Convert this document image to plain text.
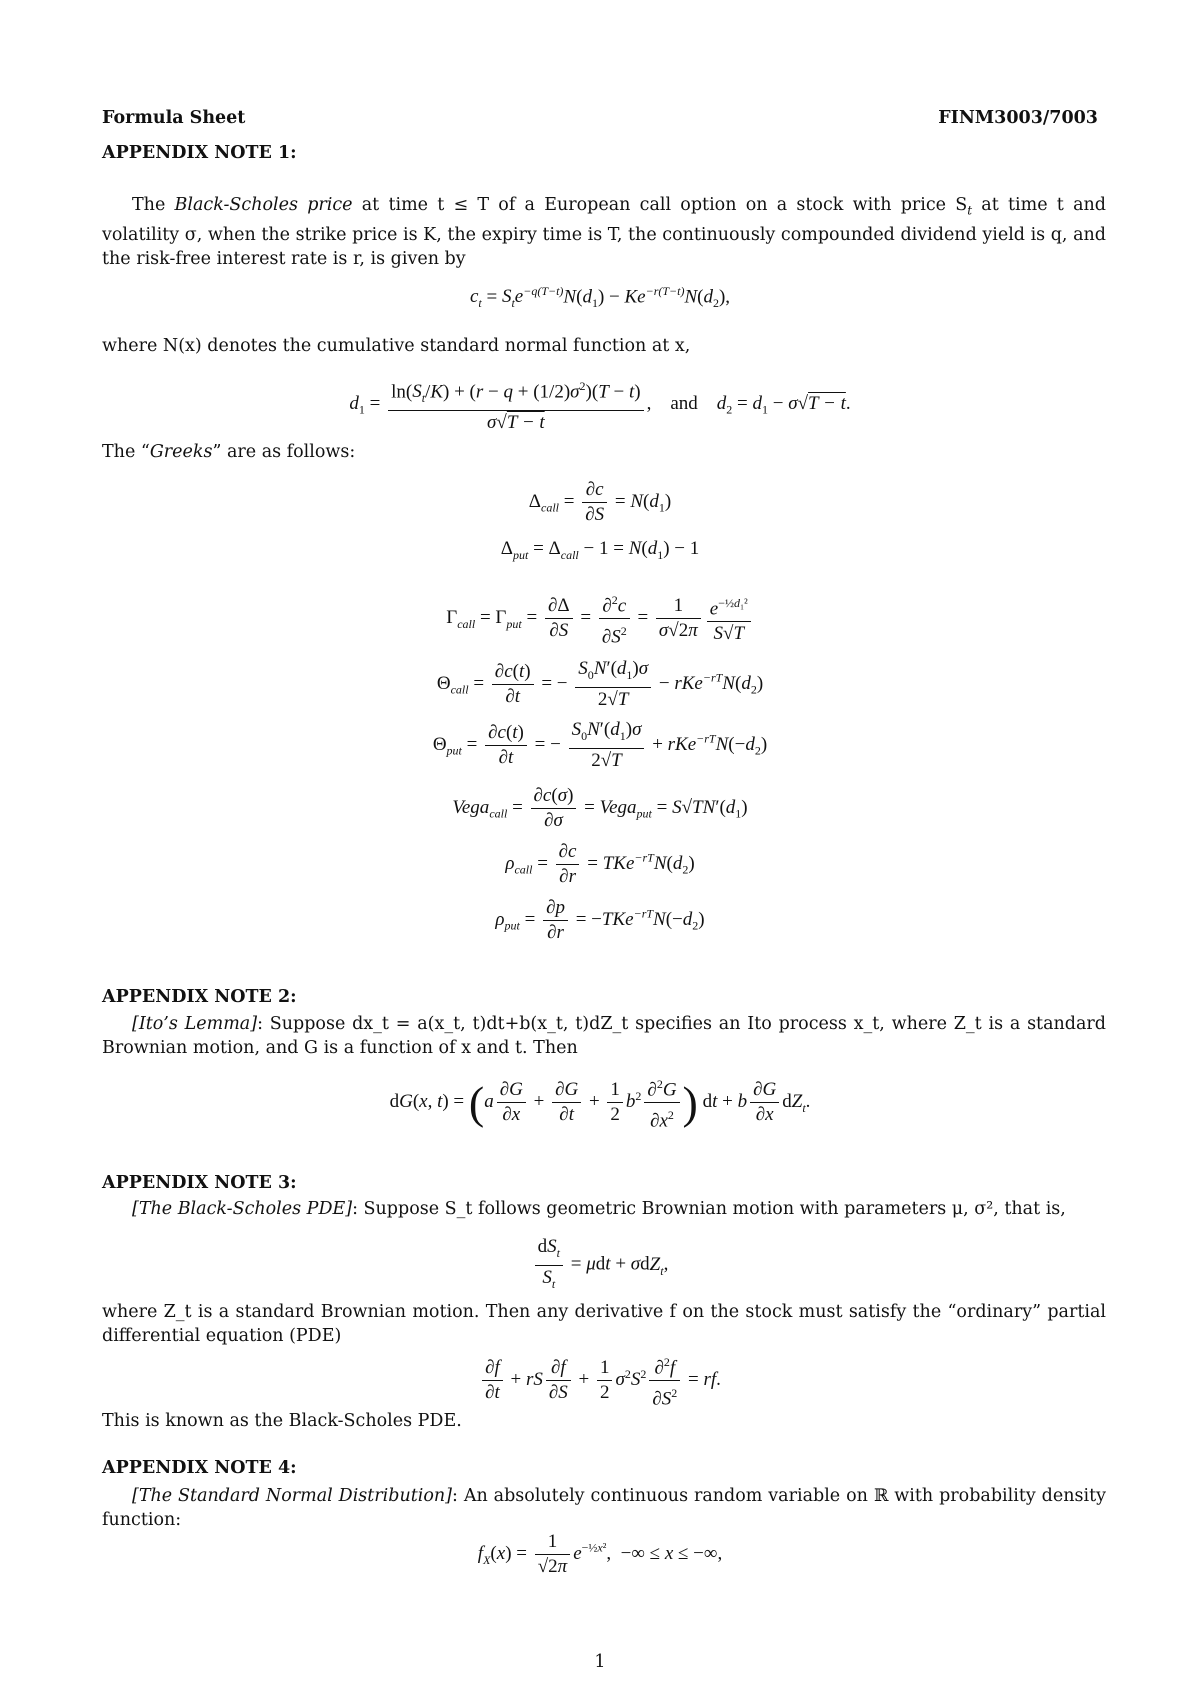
Formula Sheet	FINM3003/7003
APPENDIX NOTE 1:
The Black-Scholes price at time t ≤ T of a European call option on a stock with price $S_t$ at time t and volatility σ, when the strike price is K, the expiry time is T, the continuously compounded dividend yield is q, and the risk-free interest rate is r, is given by
$c_t = S_te^{-q(T-t)}N(d_1) - Ke^{-r(T-t)}N(d_2)$,
where N(x) denotes the cumulative standard normal function at x,
$d_1 = \frac{\ln(S_t/K) + (r - q + (1/2)\sigma^2)(T - t)}{\sigma√T - t}$ ,    and $d_2 = d_1 - \sigma√T - t$.
The “Greeks” are as follows:
$\Delta_{call} = \frac{\partial c}{\partial S} = N(d_1)$
$\Delta_{put} = \Delta_{call} - 1 = N(d_1) - 1$
$\Gamma_{call} = \Gamma_{put} = \frac{\partial\Delta}{\partial S} = \frac{\partial^2c}{\partial S^2} = \frac{1}{\sigma√2\pi} \frac{e^{-\frac{1}{2}d_1^2}}{S√T}$
$\Theta_{call} = \frac{\partial c(t)}{\partial t}$ = − $\frac{S_0N'(d_1)\sigma}{2√T} - rKe^{-rT}N(d_2)$
$\Theta_{put} = \frac{\partial c(t)}{\partial t}$ = − $\frac{S_0N'(d_1)\sigma}{2√T} + rKe^{-rT}N(-d_2)$
Vega$_{call}$ = $\frac{\partial c(\sigma)}{\partial\sigma}$ = Vega$_{put}$ = $S√TN'(d_1)$
$\rho_{call} = \frac{\partial c}{\partial r} = TKe^{-rT}N(d_2)$
$\rho_{put} = \frac{\partial p}{\partial r} = -TKe^{-rT}N(-d_2)$
APPENDIX NOTE 2:
[Ito’s Lemma]: Suppose dx_t = a(x_t, t)dt+b(x_t, t)dZ_t specifies an Ito process x_t, where Z_t is a standard Brownian motion, and G is a function of x and t. Then
dG(x, $t) = (a \frac{\partial G}{\partial x} + \frac{\partial G}{\partial t} + \frac{1}{2} b^2 \frac{\partial^2G}{\partial x^2}$ ) dt + b $\frac{\partial G}{\partial x} dZ_t$.
APPENDIX NOTE 3:
[The Black-Scholes PDE]: Suppose S_t follows geometric Brownian motion with parameters μ, σ², that is,
$\frac{dS_t}{S_t} = \mu dt + \sigma dZ_t$,
where Z_t is a standard Brownian motion. Then any derivative f on the stock must satisfy the “ordinary” partial differential equation (PDE)
$\frac{\partial f}{\partial t}$ + rS $\frac{\partial f}{\partial S} + \frac{1}{2} \sigma^2S^2 \frac{\partial^2f}{\partial S^2}$ = rf.
This is known as the Black-Scholes PDE.
APPENDIX NOTE 4:
[The Standard Normal Distribution]: An absolutely continuous random variable on ℝ with probability density function:
$f_X(x) = \frac{1}{√2\pi} e^{-\frac{1}{2}x^2}$,  −∞ ≤ x ≤ −∞,
1
